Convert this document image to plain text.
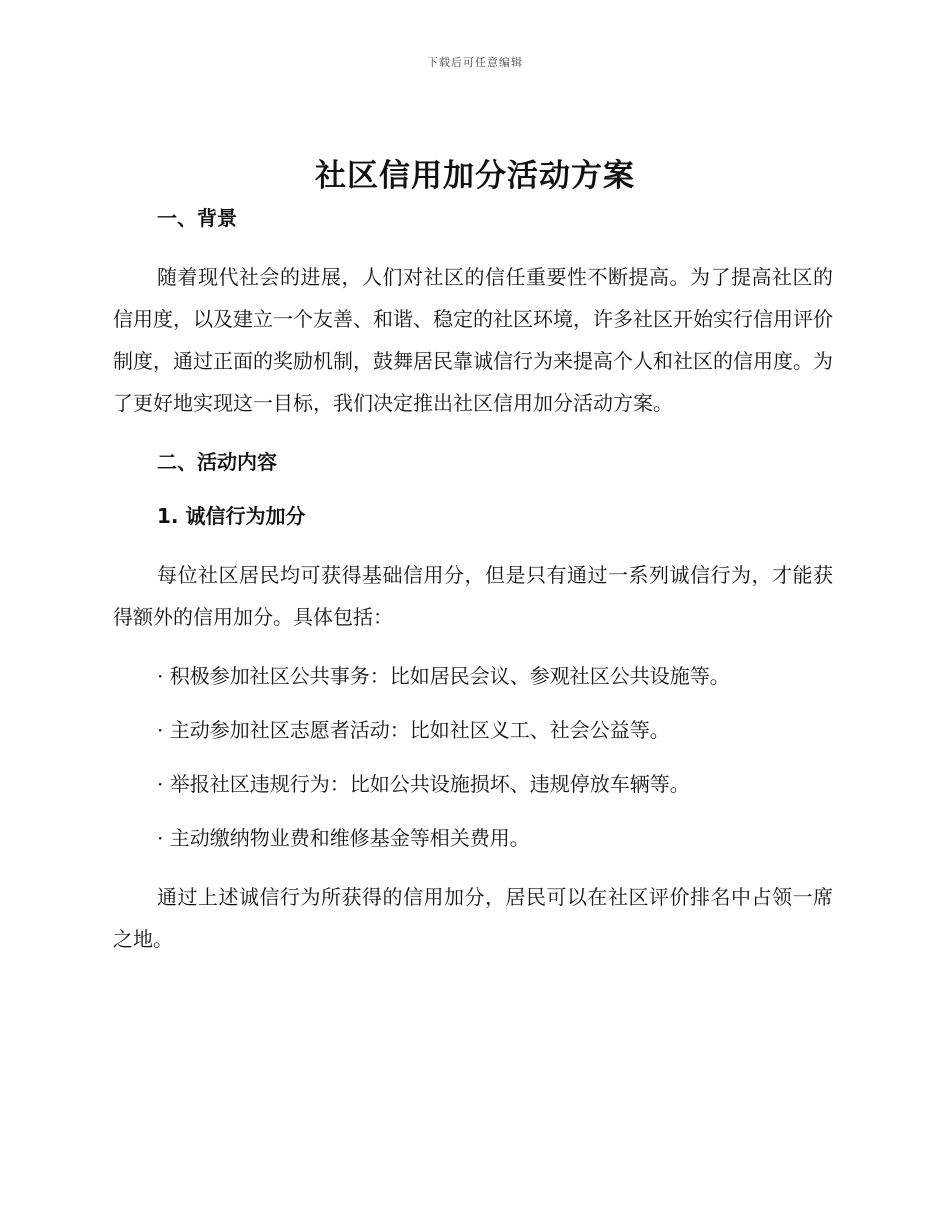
下载后可任意编辑
社区信用加分活动方案
一、背景

随着现代社会的进展，人们对社区的信任重要性不断提高。为了提高社区的信用度，以及建立一个友善、和谐、稳定的社区环境，许多社区开始实行信用评价制度，通过正面的奖励机制，鼓舞居民靠诚信行为来提高个人和社区的信用度。为了更好地实现这一目标，我们决定推出社区信用加分活动方案。

二、活动内容
1. 诚信行为加分

每位社区居民均可获得基础信用分，但是只有通过一系列诚信行为，才能获得额外的信用加分。具体包括：

· 积极参加社区公共事务：比如居民会议、参观社区公共设施等。
· 主动参加社区志愿者活动：比如社区义工、社会公益等。
· 举报社区违规行为：比如公共设施损坏、违规停放车辆等。
· 主动缴纳物业费和维修基金等相关费用。

通过上述诚信行为所获得的信用加分，居民可以在社区评价排名中占领一席之地。
